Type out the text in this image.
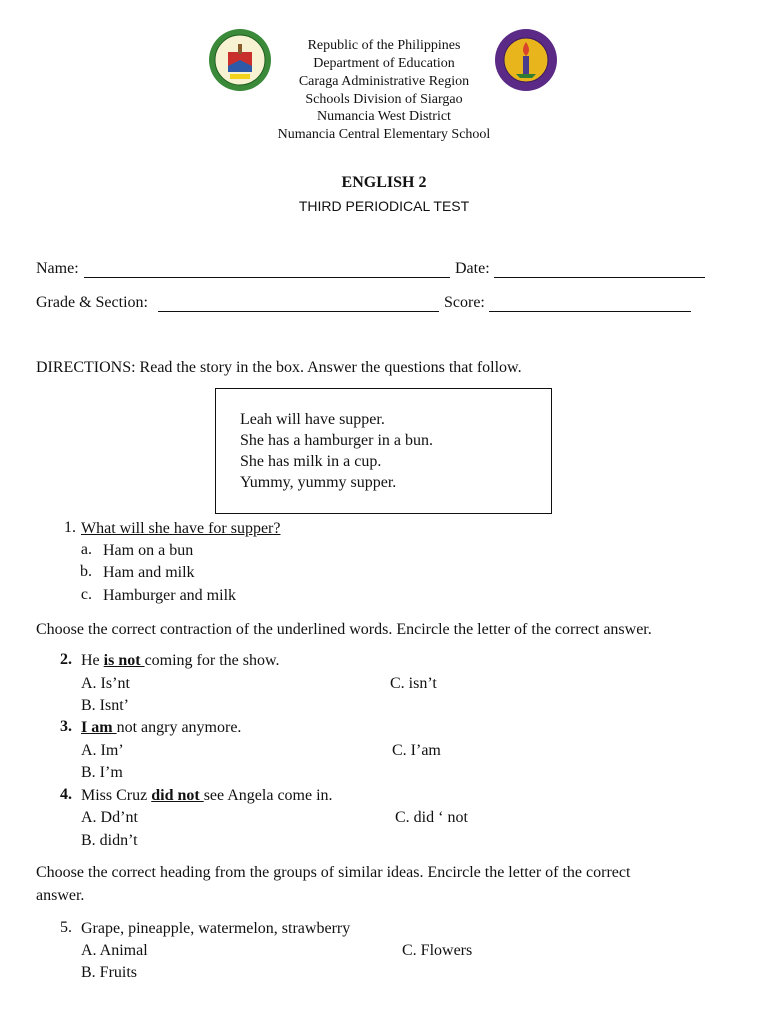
Republic of the Philippines
Department of Education
Caraga Administrative Region
Schools Division of Siargao
Numancia West District
Numancia Central Elementary School
ENGLISH 2
THIRD PERIODICAL TEST
Name:	Date:
Grade & Section:	Score:
DIRECTIONS: Read the story in the box. Answer the questions that follow.
Leah will have supper.
She has a hamburger in a bun.
She has milk in a cup.
Yummy, yummy supper.
1. What will she have for supper?
a. Ham on a bun
b. Ham and milk
c. Hamburger and milk
Choose the correct contraction of the underlined words. Encircle the letter of the correct answer.
2. He is not coming for the show.
A. Is’nt	C. isn’t
B. Isnt’
3. I am not angry anymore.
A. Im’	C. I’am
B. I’m
4. Miss Cruz did not see Angela come in.
A. Dd’nt	C. did ‘ not
B. didn’t
Choose the correct heading from the groups of similar ideas. Encircle the letter of the correct
answer.
5. Grape, pineapple, watermelon, strawberry
A. Animal	C. Flowers
B. Fruits
